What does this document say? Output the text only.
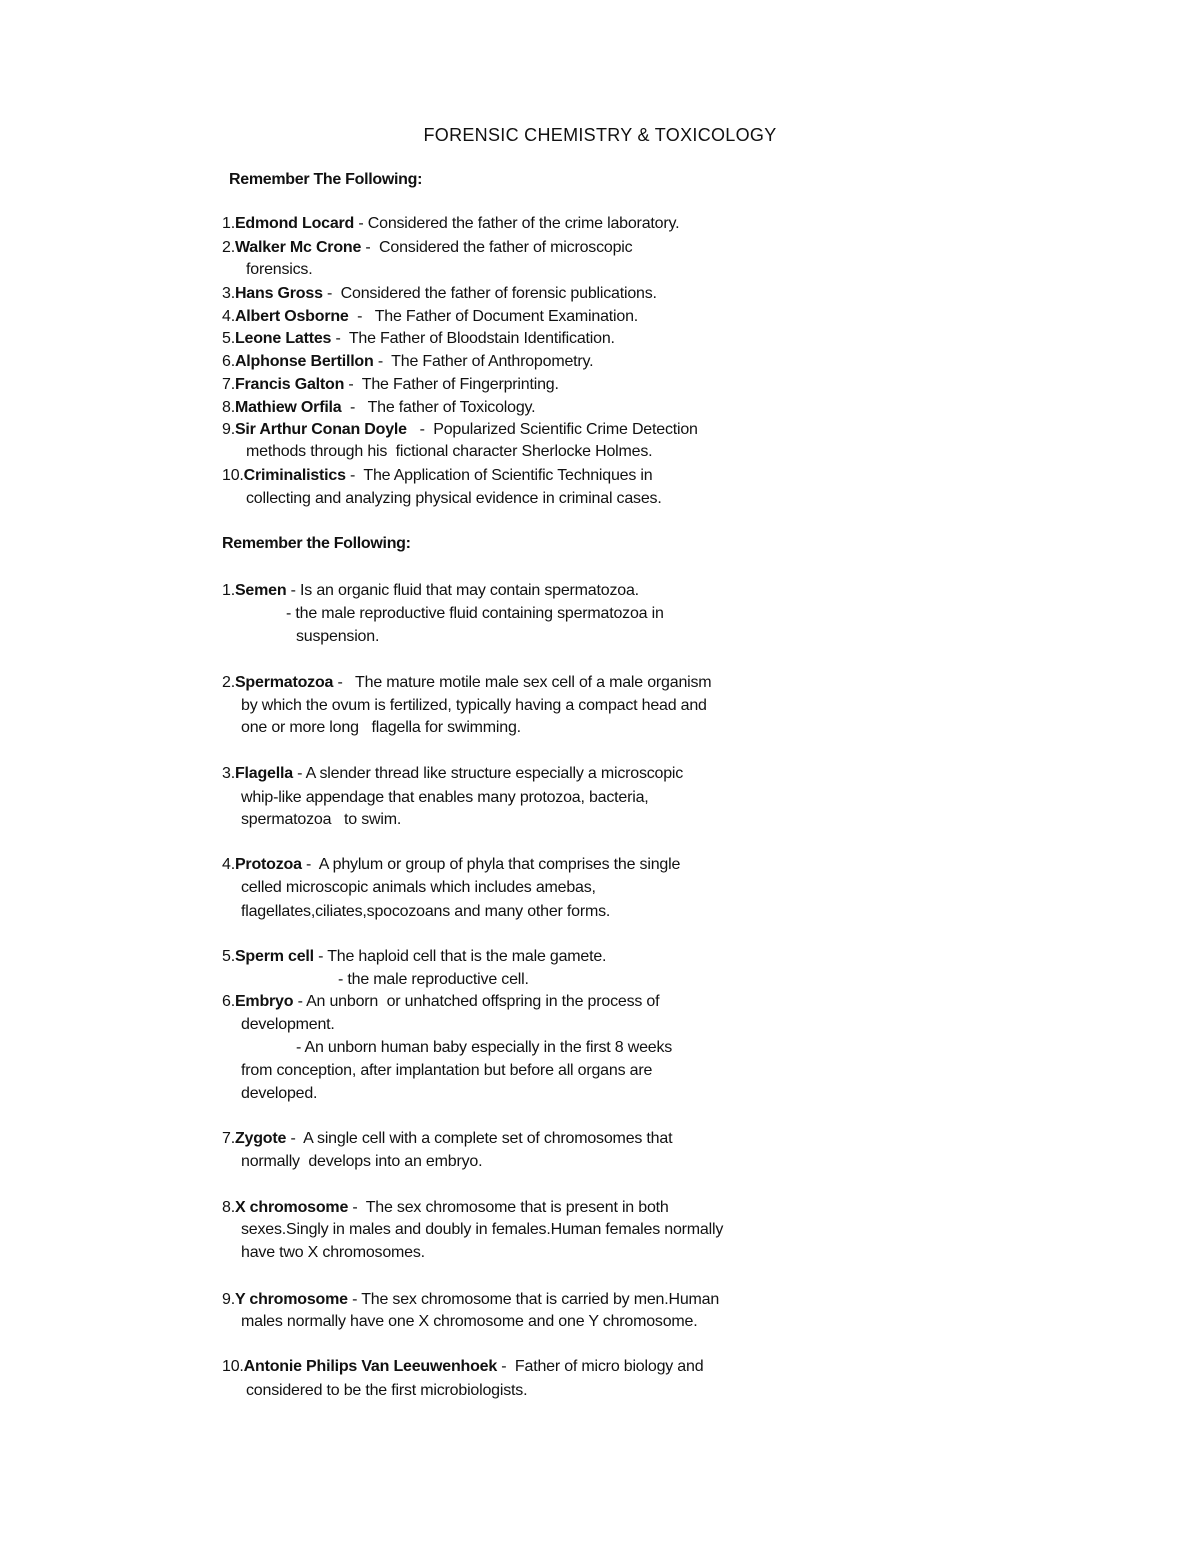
FORENSIC CHEMISTRY & TOXICOLOGY
Remember The Following:
1.Edmond Locard - Considered the father of the crime laboratory.
2.Walker Mc Crone -  Considered the father of microscopic
forensics.
3.Hans Gross -  Considered the father of forensic publications.
4.Albert Osborne  -   The Father of Document Examination.
5.Leone Lattes -  The Father of Bloodstain Identification.
6.Alphonse Bertillon -  The Father of Anthropometry.
7.Francis Galton -  The Father of Fingerprinting.
8.Mathiew Orfila  -   The father of Toxicology.
9.Sir Arthur Conan Doyle   -  Popularized Scientific Crime Detection
methods through his  fictional character Sherlocke Holmes.
10.Criminalistics -  The Application of Scientific Techniques in
collecting and analyzing physical evidence in criminal cases.
Remember the Following:
1.Semen - Is an organic fluid that may contain spermatozoa.
- the male reproductive fluid containing spermatozoa in
suspension.
2.Spermatozoa -   The mature motile male sex cell of a male organism
by which the ovum is fertilized, typically having a compact head and
one or more long   flagella for swimming.
3.Flagella - A slender thread like structure especially a microscopic
whip-like appendage that enables many protozoa, bacteria,
spermatozoa   to swim.
4.Protozoa -  A phylum or group of phyla that comprises the single
celled microscopic animals which includes amebas,
flagellates,ciliates,spocozoans and many other forms.
5.Sperm cell - The haploid cell that is the male gamete.
- the male reproductive cell.
6.Embryo - An unborn  or unhatched offspring in the process of
development.
- An unborn human baby especially in the first 8 weeks
from conception, after implantation but before all organs are
developed.
7.Zygote -  A single cell with a complete set of chromosomes that
normally  develops into an embryo.
8.X chromosome -  The sex chromosome that is present in both
sexes.Singly in males and doubly in females.Human females normally
have two X chromosomes.
9.Y chromosome - The sex chromosome that is carried by men.Human
males normally have one X chromosome and one Y chromosome.
10.Antonie Philips Van Leeuwenhoek -  Father of micro biology and
considered to be the first microbiologists.
